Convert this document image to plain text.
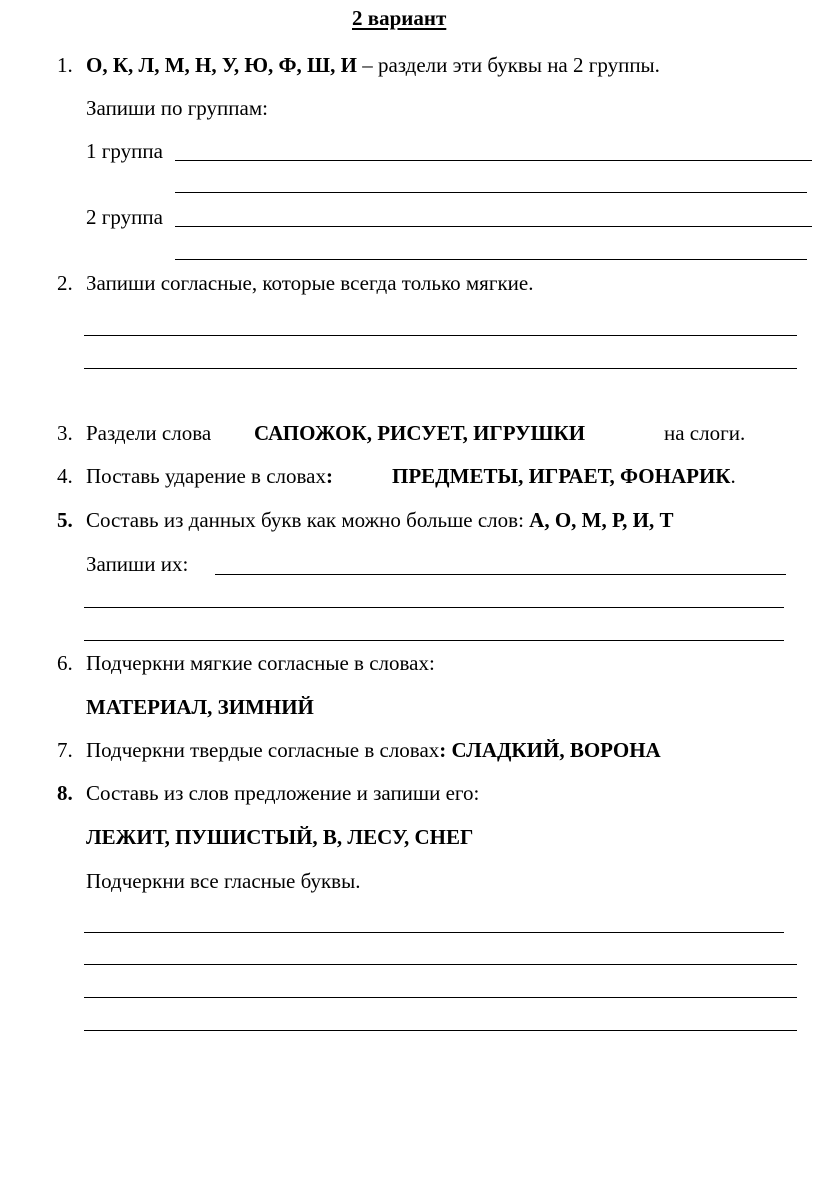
2 вариант
1. О, К, Л, М, Н, У, Ю, Ф, Ш, И – раздели эти буквы на 2 группы.
Запиши по группам:
1 группа
2 группа
2. Запиши согласные, которые всегда только мягкие.
3. Раздели слова САПОЖОК, РИСУЕТ, ИГРУШКИ	на слоги.
4. Поставь ударение в словах:	ПРЕДМЕТЫ, ИГРАЕТ, ФОНАРИК.
5. Составь из данных букв как можно больше слов: А, О, М, Р, И, Т
Запиши их:
6. Подчеркни мягкие согласные в словах:
МАТЕРИАЛ, ЗИМНИЙ
7. Подчеркни твердые согласные в словах: СЛАДКИЙ, ВОРОНА
8. Составь из слов предложение и запиши его:
ЛЕЖИТ, ПУШИСТЫЙ, В, ЛЕСУ, СНЕГ
Подчеркни все гласные буквы.
